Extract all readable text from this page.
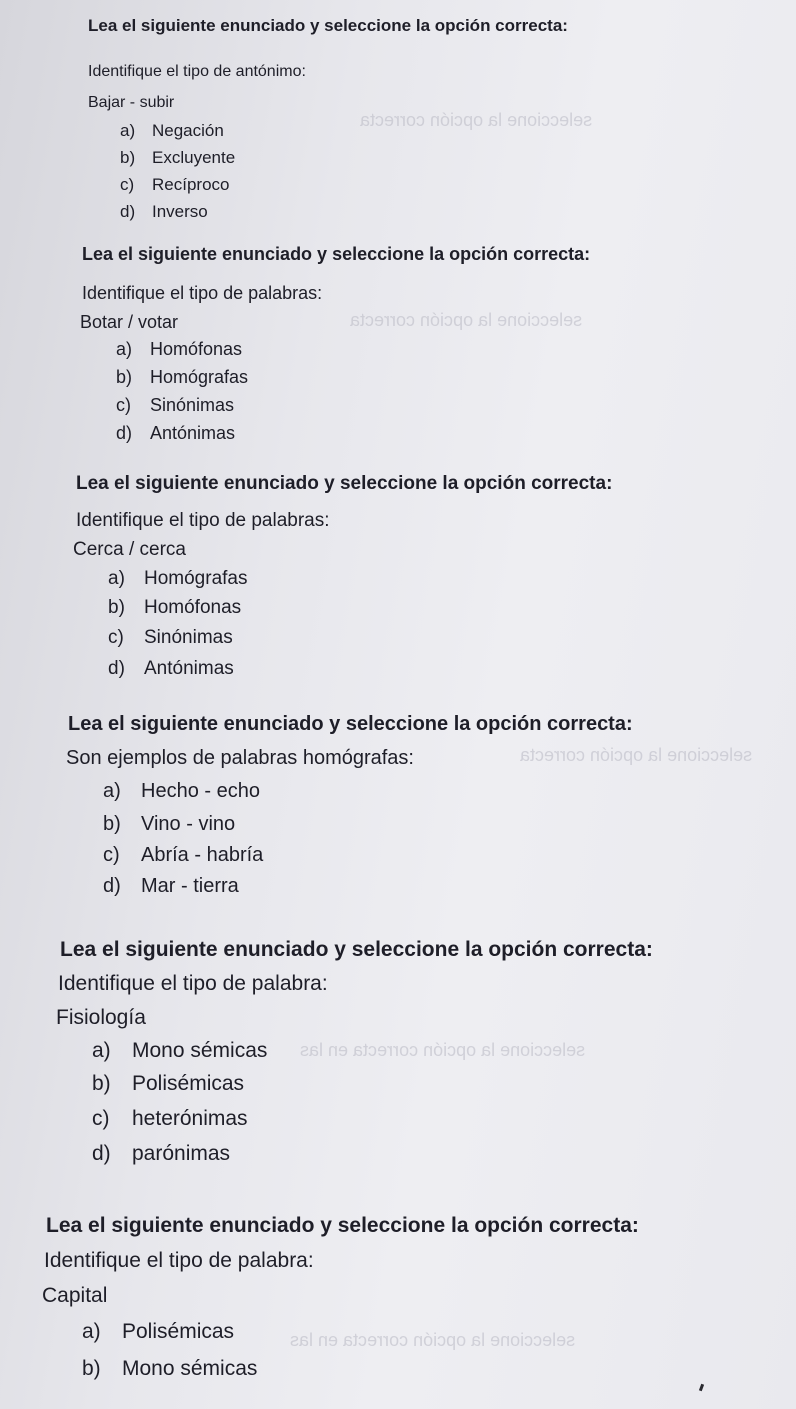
seleccione la opción correcta
seleccione la opción correcta
seleccione la opción correcta
seleccione la opción correcta en las
seleccione la opción correcta en las
Lea el siguiente enunciado y seleccione la opción correcta:
Identifique el tipo de antónimo:
Bajar - subir
a) Negación
b) Excluyente
c) Recíproco
d) Inverso
Lea el siguiente enunciado y seleccione la opción correcta:
Identifique el tipo de palabras:
Botar / votar
a) Homófonas
b) Homógrafas
c) Sinónimas
d) Antónimas
Lea el siguiente enunciado y seleccione la opción correcta:
Identifique el tipo de palabras:
Cerca / cerca
a) Homógrafas
b) Homófonas
c) Sinónimas
d) Antónimas
Lea el siguiente enunciado y seleccione la opción correcta:
Son ejemplos de palabras homógrafas:
a) Hecho - echo
b) Vino - vino
c) Abría - habría
d) Mar - tierra
Lea el siguiente enunciado y seleccione la opción correcta:
Identifique el tipo de palabra:
Fisiología
a) Mono sémicas
b) Polisémicas
c) heterónimas
d) parónimas
Lea el siguiente enunciado y seleccione la opción correcta:
Identifique el tipo de palabra:
Capital
a) Polisémicas
b) Mono sémicas
